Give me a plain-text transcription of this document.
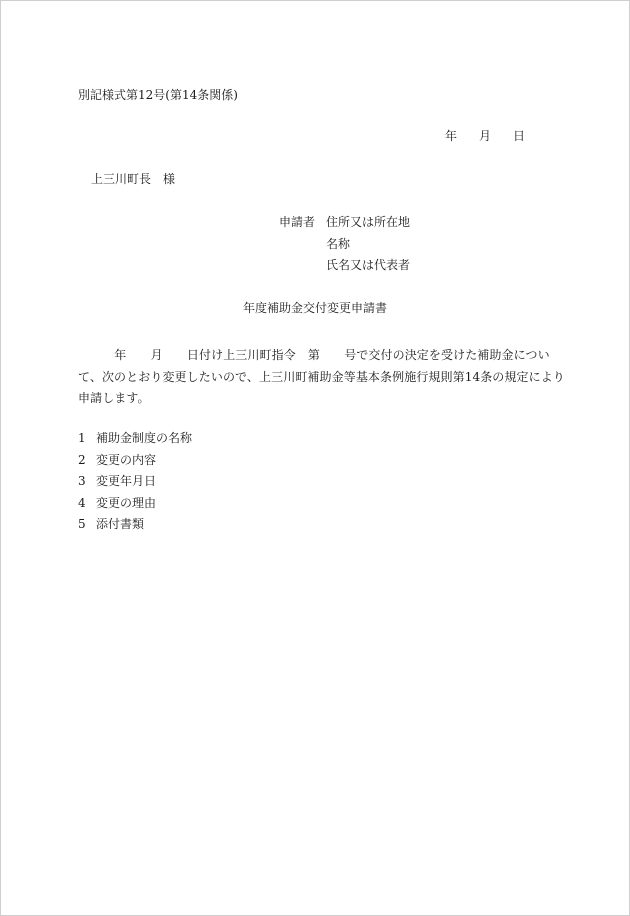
別記様式第12号(第14条関係)
年 月 日
上三川町長 様
申請者 住所又は所在地
名称
氏名又は代表者
年度補助金交付変更申請書
　　　年　　月　　日付け上三川町指令　第　　号で交付の決定を受けた補助金につい
て、次のとおり変更したいので、上三川町補助金等基本条例施行規則第14条の規定により
申請します。
1 補助金制度の名称
2 変更の内容
3 変更年月日
4 変更の理由
5 添付書類
